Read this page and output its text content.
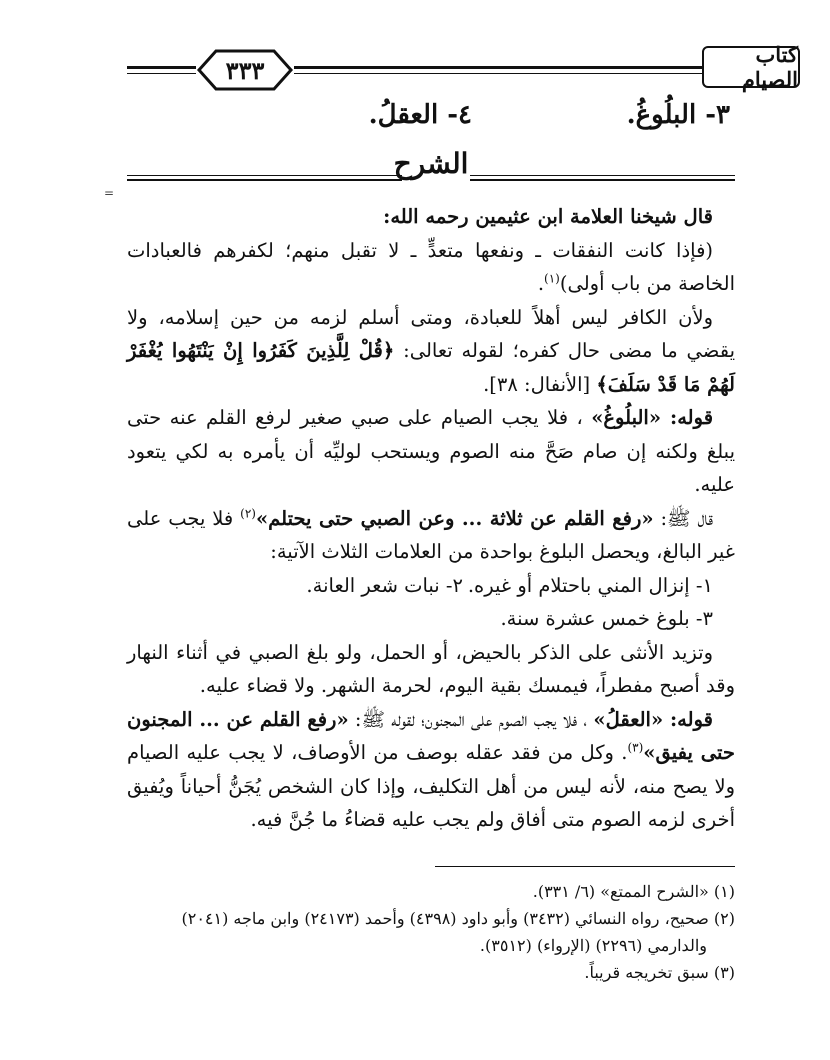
٣٣٣
كتاب الصيام
٣- البلُوغُ.
٤- العقلُ.
الشرح
=

قال شيخنا العلامة ابن عثيمين رحمه الله:

(فإذا كانت النفقات ـ ونفعها متعدٍّ ـ لا تقبل منهم؛ لكفرهم فالعبادات الخاصة من باب أولى)$^{(١)}$.

ولأن الكافر ليس أهلاً للعبادة، ومتى أسلم لزمه من حين إسلامه، ولا يقضي ما مضى حال كفره؛ لقوله تعالى: ﴿قُلْ لِلَّذِينَ كَفَرُوا إِنْ يَنْتَهُوا يُغْفَرْ لَهُمْ مَا قَدْ سَلَفَ﴾ [الأنفال: ٣٨].

قوله: «البلُوغُ» ، فلا يجب الصيام على صبي صغير لرفع القلم عنه حتى يبلغ ولكنه إن صام صَحَّ منه الصوم ويستحب لوليِّه أن يأمره به لكي يتعود عليه.

قال ﷺ: «رفع القلم عن ثلاثة ... وعن الصبي حتى يحتلم»$^{(٢)}$ فلا يجب على غير البالغ، ويحصل البلوغ بواحدة من العلامات الثلاث الآتية:

١- إنزال المني باحتلام أو غيره.
٢- نبات شعر العانة.

٣- بلوغ خمس عشرة سنة.

وتزيد الأنثى على الذكر بالحيض، أو الحمل، ولو بلغ الصبي في أثناء النهار وقد أصبح مفطراً، فيمسك بقية اليوم، لحرمة الشهر. ولا قضاء عليه.

قوله: «العقلُ» ، فلا يجب الصوم على المجنون؛ لقوله ﷺ: «رفع القلم عن ... المجنون حتى يفيق»$^{(٣)}$. وكل من فقد عقله بوصف من الأوصاف، لا يجب عليه الصيام ولا يصح منه، لأنه ليس من أهل التكليف، وإذا كان الشخص يُجَنُّ أحياناً ويُفيق أخرى لزمه الصوم متى أفاق ولم يجب عليه قضاءُ ما جُنَّ فيه.

(١) «الشرح الممتع» (٦/ ٣٣١).

(٢) صحيح، رواه النسائي (٣٤٣٢) وأبو داود (٤٣٩٨) وأحمد (٢٤١٧٣) وابن ماجه (٢٠٤١)

والدارمي (٢٢٩٦) (الإرواء) (٣٥١٢).

(٣) سبق تخريجه قريباً.
